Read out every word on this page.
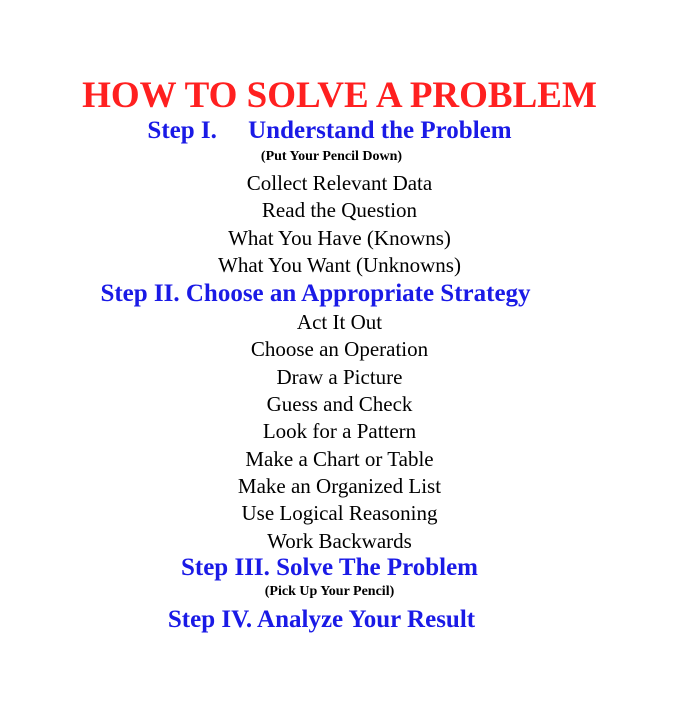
HOW TO SOLVE A PROBLEM
Step I.     Understand the Problem
(Put Your Pencil Down)
Collect Relevant Data
Read the Question
What You Have (Knowns)
What You Want (Unknowns)
Step II. Choose an Appropriate Strategy
Act It Out
Choose an Operation
Draw a Picture
Guess and Check
Look for a Pattern
Make a Chart or Table
Make an Organized List
Use Logical Reasoning
Work Backwards
Step III. Solve The Problem
(Pick Up Your Pencil)
Step IV. Analyze Your Result
